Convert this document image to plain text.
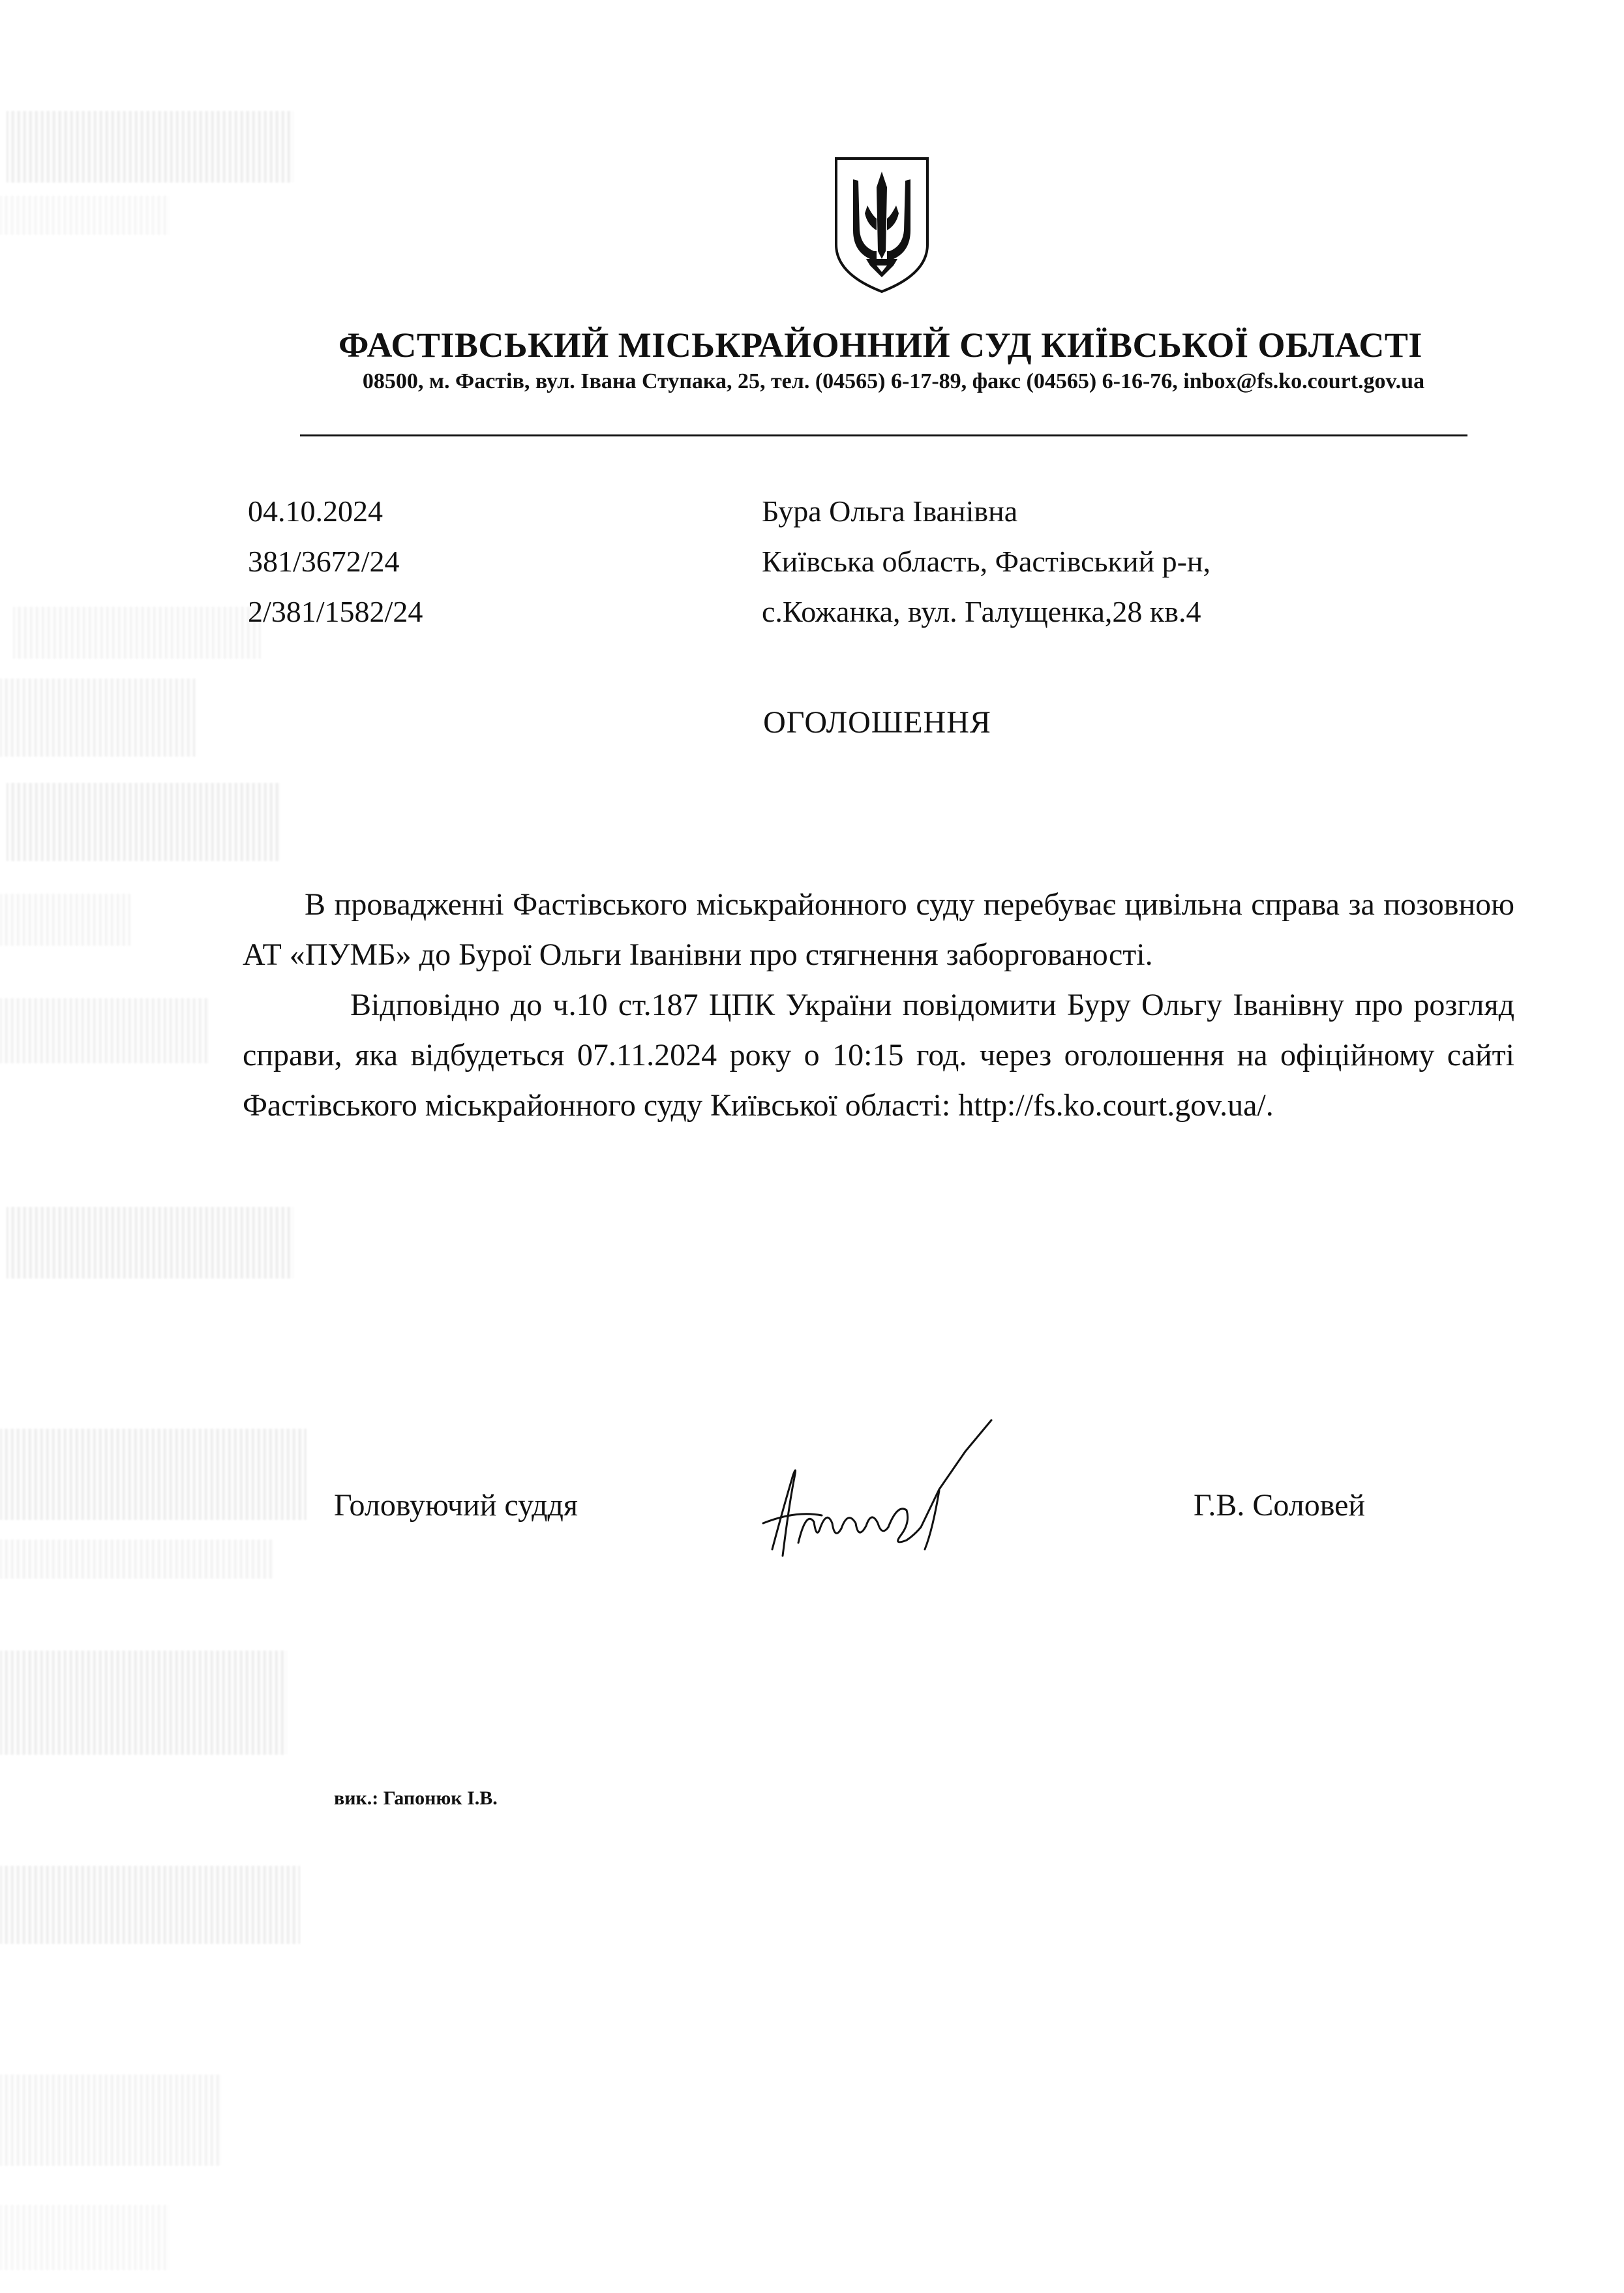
ФАСТІВСЬКИЙ МІСЬКРАЙОННИЙ СУД КИЇВСЬКОЇ ОБЛАСТІ
08500, м. Фастів, вул. Івана Ступака, 25, тел. (04565) 6-17-89, факс (04565) 6-16-76, inbox@fs.ko.court.gov.ua
04.10.2024
381/3672/24
2/381/1582/24
Бура Ольга Іванівна
Київська область, Фастівський р-н,
с.Кожанка, вул. Галущенка,28 кв.4
ОГОЛОШЕННЯ

В провадженні Фастівського міськрайонного суду перебуває цивільна справа за позовною АТ «ПУМБ» до Бурої Ольги Іванівни про стягнення заборгованості.

Відповідно до ч.10 ст.187 ЦПК України повідомити Буру Ольгу Іванівну про розгляд справи, яка відбудеться 07.11.2024 року о 10:15 год. через оголошення на офіційному сайті Фастівського міськрайонного суду Київської області: http://fs.ko.court.gov.ua/.

Головуючий суддя	Г.В. Соловей
вик.: Гапонюк І.В.
